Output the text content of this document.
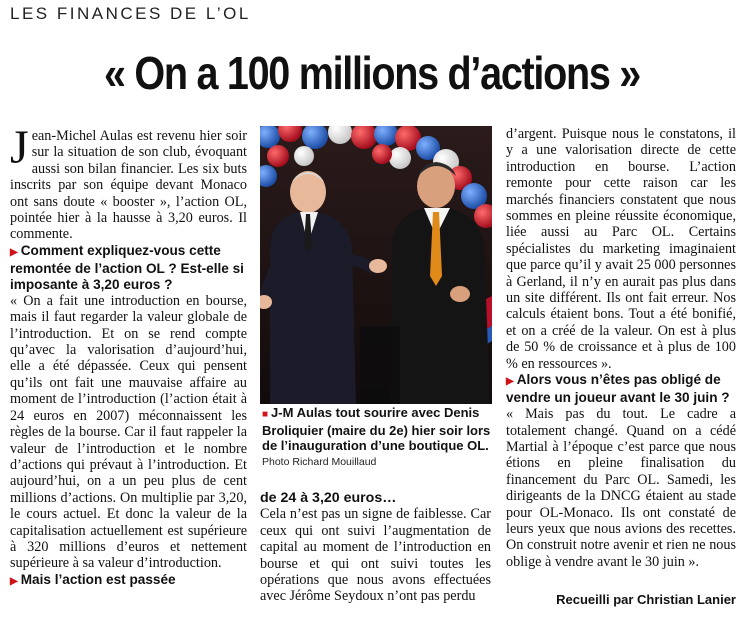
LES FINANCES DE L’OL
« On a 100 millions d’actions »

Jean-Michel Aulas est revenu hier soir sur la situation de son club, évoquant aussi son bilan financier. Les six buts inscrits par son équipe devant Monaco ont sans doute « booster », l’action OL, pointée hier à la hausse à 3,20 euros. Il commente.

▶ Comment expliquez-vous cette remontée de l’action OL ? Est-elle si imposante à 3,20 euros ?

« On a fait une introduction en bourse, mais il faut regarder la valeur globale de l’introduction. Et on se rend compte qu’avec la valorisation d’aujourd’hui, elle a été dépassée. Ceux qui pensent qu’ils ont fait une mauvaise affaire au moment de l’introduction (l’action était à 24 euros en 2007) méconnaissent les règles de la bourse. Car il faut rappeler la valeur de l’introduction et le nombre d’actions qui prévaut à l’introduction. Et aujourd’hui, on a un peu plus de cent millions d’actions. On multiplie par 3,20, le cours actuel. Et donc la valeur de la capitalisation actuellement est supérieure à 320 millions d’euros et nettement supérieure à sa valeur d’introduction.

▶ Mais l’action est passée

■ J-M Aulas tout sourire avec Denis Broliquier (maire du 2e) hier soir lors de l’inauguration d’une boutique OL.
Photo Richard Mouillaud

de 24 à 3,20 euros…

Cela n’est pas un signe de faiblesse. Car ceux qui ont suivi l’augmentation de capital au moment de l’introduction en bourse et qui ont suivi toutes les opérations que nous avons effectuées avec Jérôme Seydoux n’ont pas perdu

d’argent. Puisque nous le constatons, il y a une valorisation directe de cette introduction en bourse. L’action remonte pour cette raison car les marchés financiers constatent que nous sommes en pleine réussite économique, liée aussi au Parc OL. Certains spécialistes du marketing imaginaient que parce qu’il y avait 25 000 personnes à Gerland, il n’y en aurait pas plus dans un site différent. Ils ont fait erreur. Nos calculs étaient bons. Tout a été bonifié, et on a créé de la valeur. On est à plus de 50 % de croissance et à plus de 100 % en ressources ».

▶ Alors vous n’êtes pas obligé de vendre un joueur avant le 30 juin ?

« Mais pas du tout. Le cadre a totalement changé. Quand on a cédé Martial à l’époque c’est parce que nous étions en pleine finalisation du financement du Parc OL. Samedi, les dirigeants de la DNCG étaient au stade pour OL-Monaco. Ils ont constaté de leurs yeux que nous avions des recettes. On construit notre avenir et rien ne nous oblige à vendre avant le 30 juin ».

Recueilli par Christian Lanier
